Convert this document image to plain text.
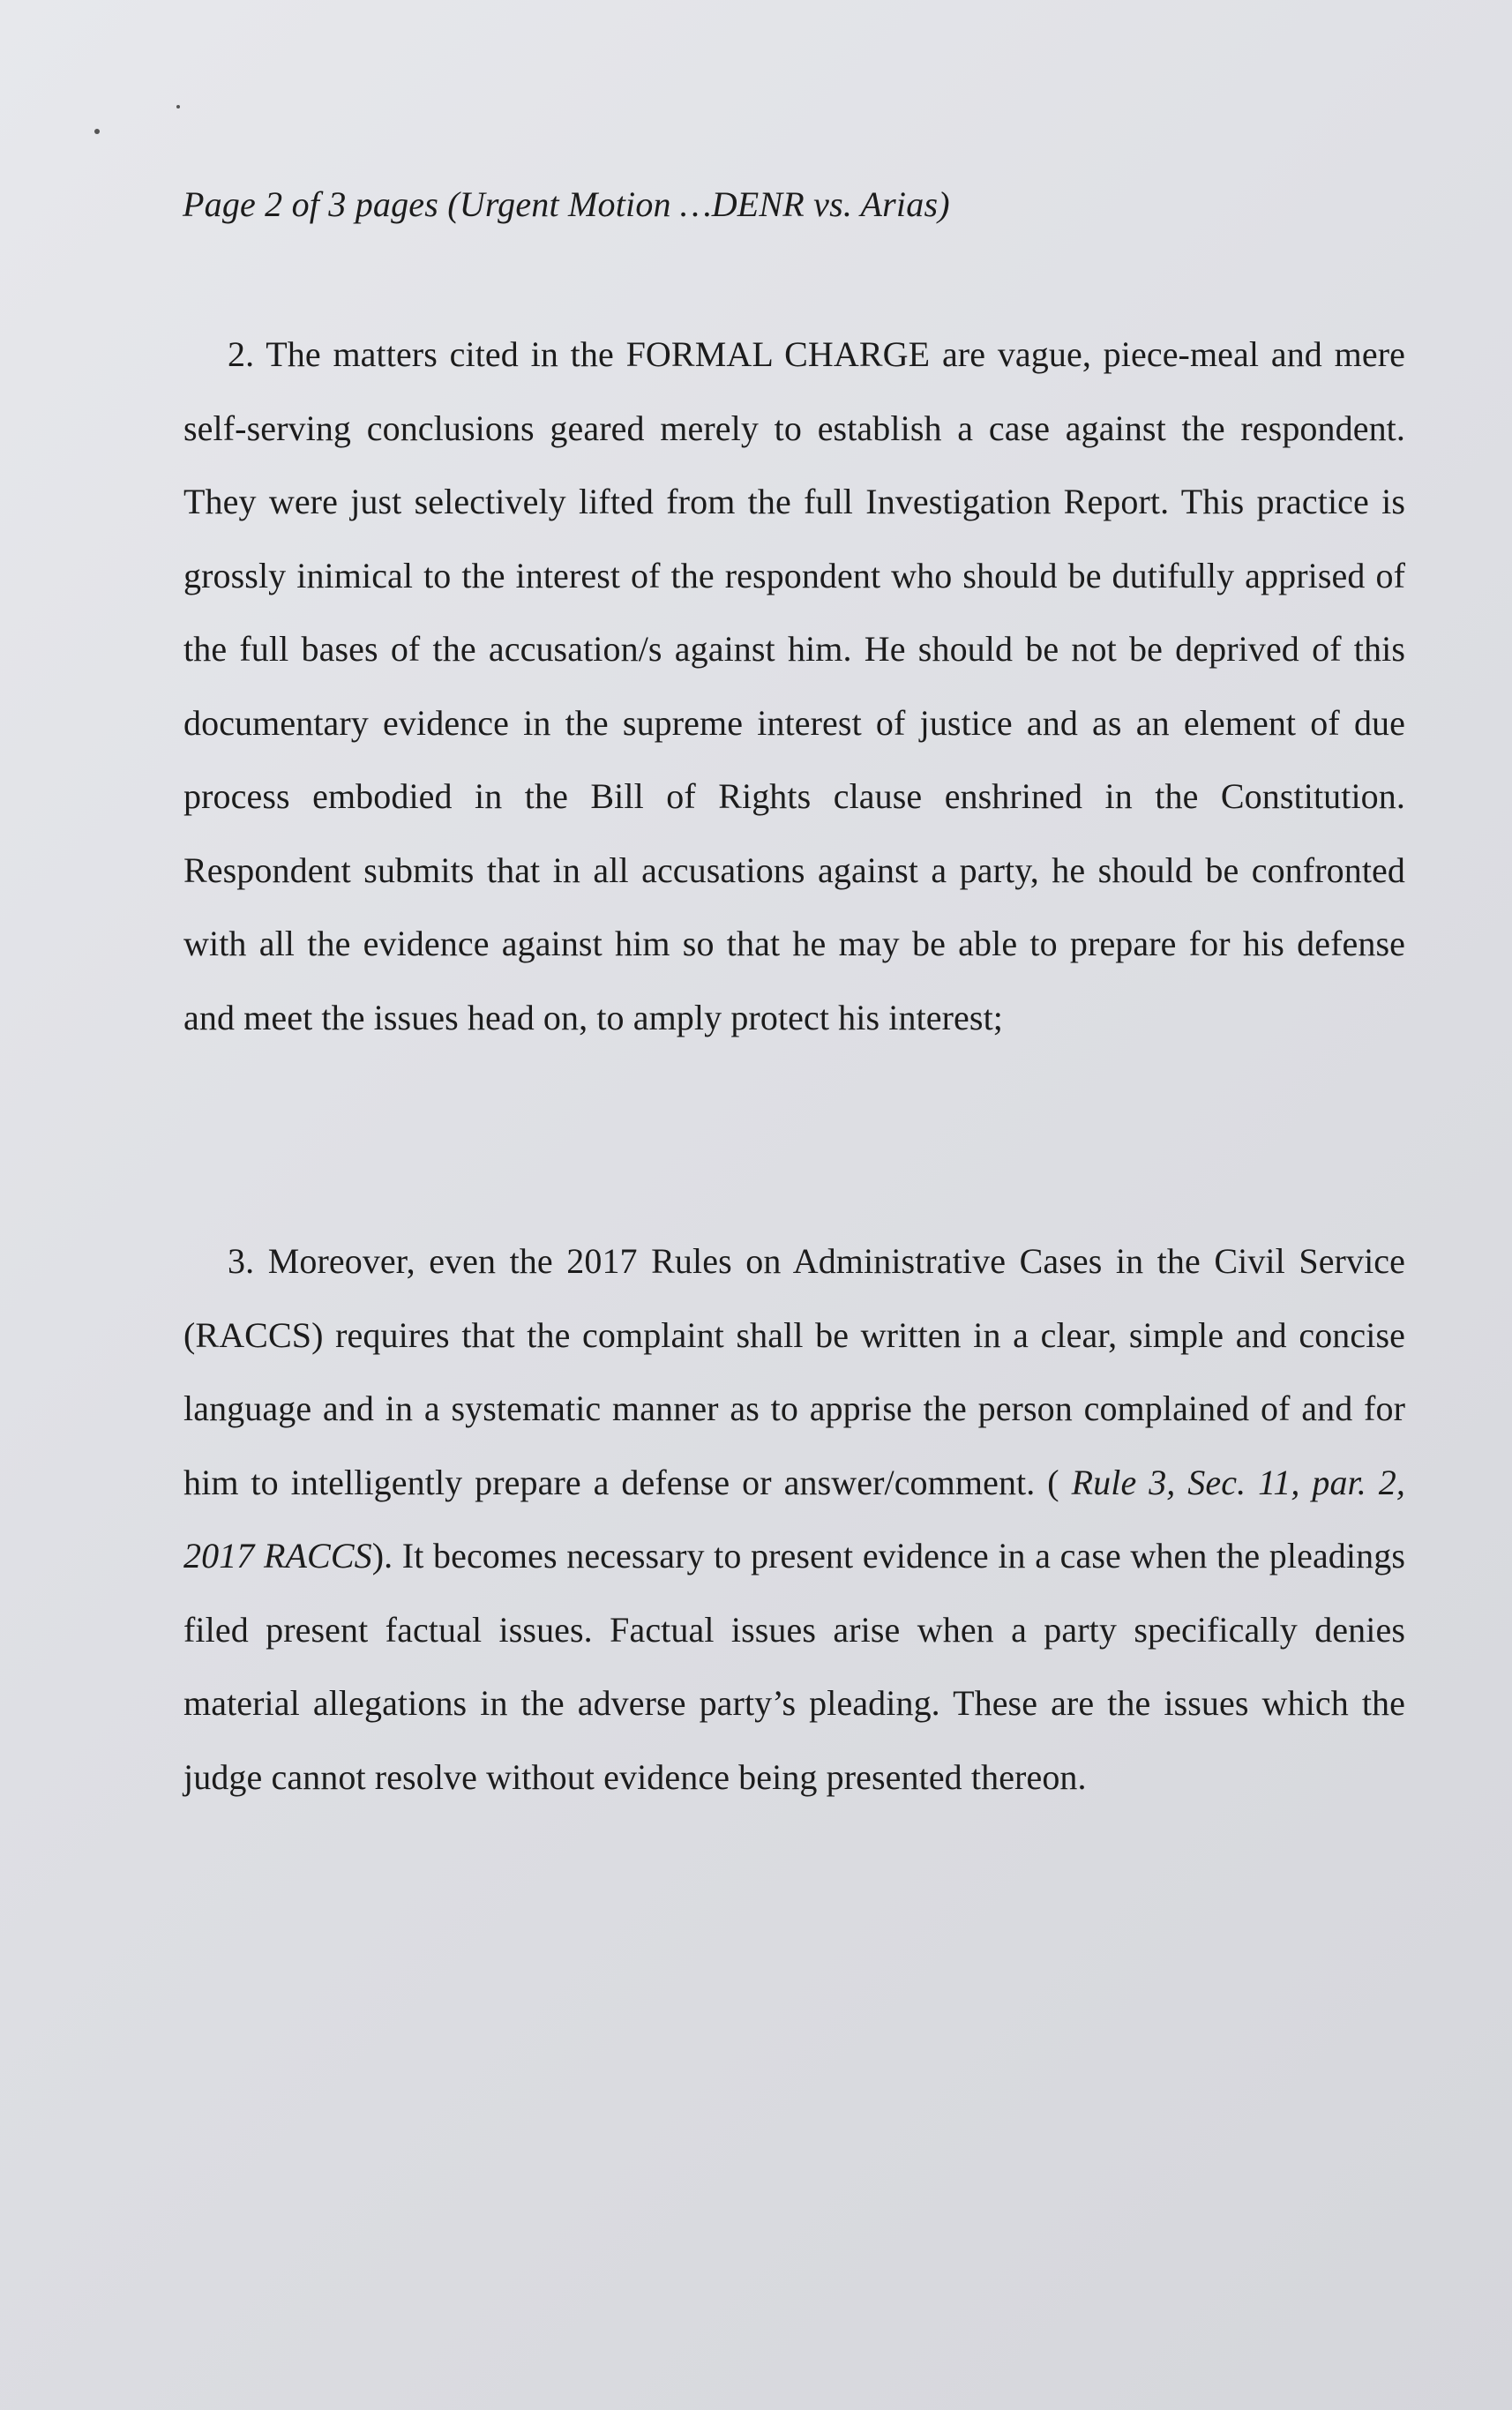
Page 2 of 3 pages (Urgent Motion …DENR vs. Arias)
2. The matters cited in the FORMAL CHARGE are vague, piece-meal and mere self-serving conclusions geared merely to establish a case against the respondent. They were just selectively lifted from the full Investigation Report. This practice is grossly inimical to the interest of the respondent who should be dutifully apprised of the full bases of the accusation/s against him. He should be not be deprived of this documentary evidence in the supreme interest of justice and as an element of due process embodied in the Bill of Rights clause enshrined in the Constitution. Respondent submits that in all accusations against a party, he should be confronted with all the evidence against him so that he may be able to prepare for his defense and meet the issues head on, to amply protect his interest;
3. Moreover, even the 2017 Rules on Administrative Cases in the Civil Service (RACCS) requires that the complaint shall be written in a clear, simple and concise language and in a systematic manner as to apprise the person complained of and for him to intelligently prepare a defense or answer/comment. ( Rule 3, Sec. 11, par. 2, 2017 RACCS). It becomes necessary to present evidence in a case when the pleadings filed present factual issues. Factual issues arise when a party specifically denies material allegations in the adverse party’s pleading. These are the issues which the judge cannot resolve without evidence being presented thereon.
